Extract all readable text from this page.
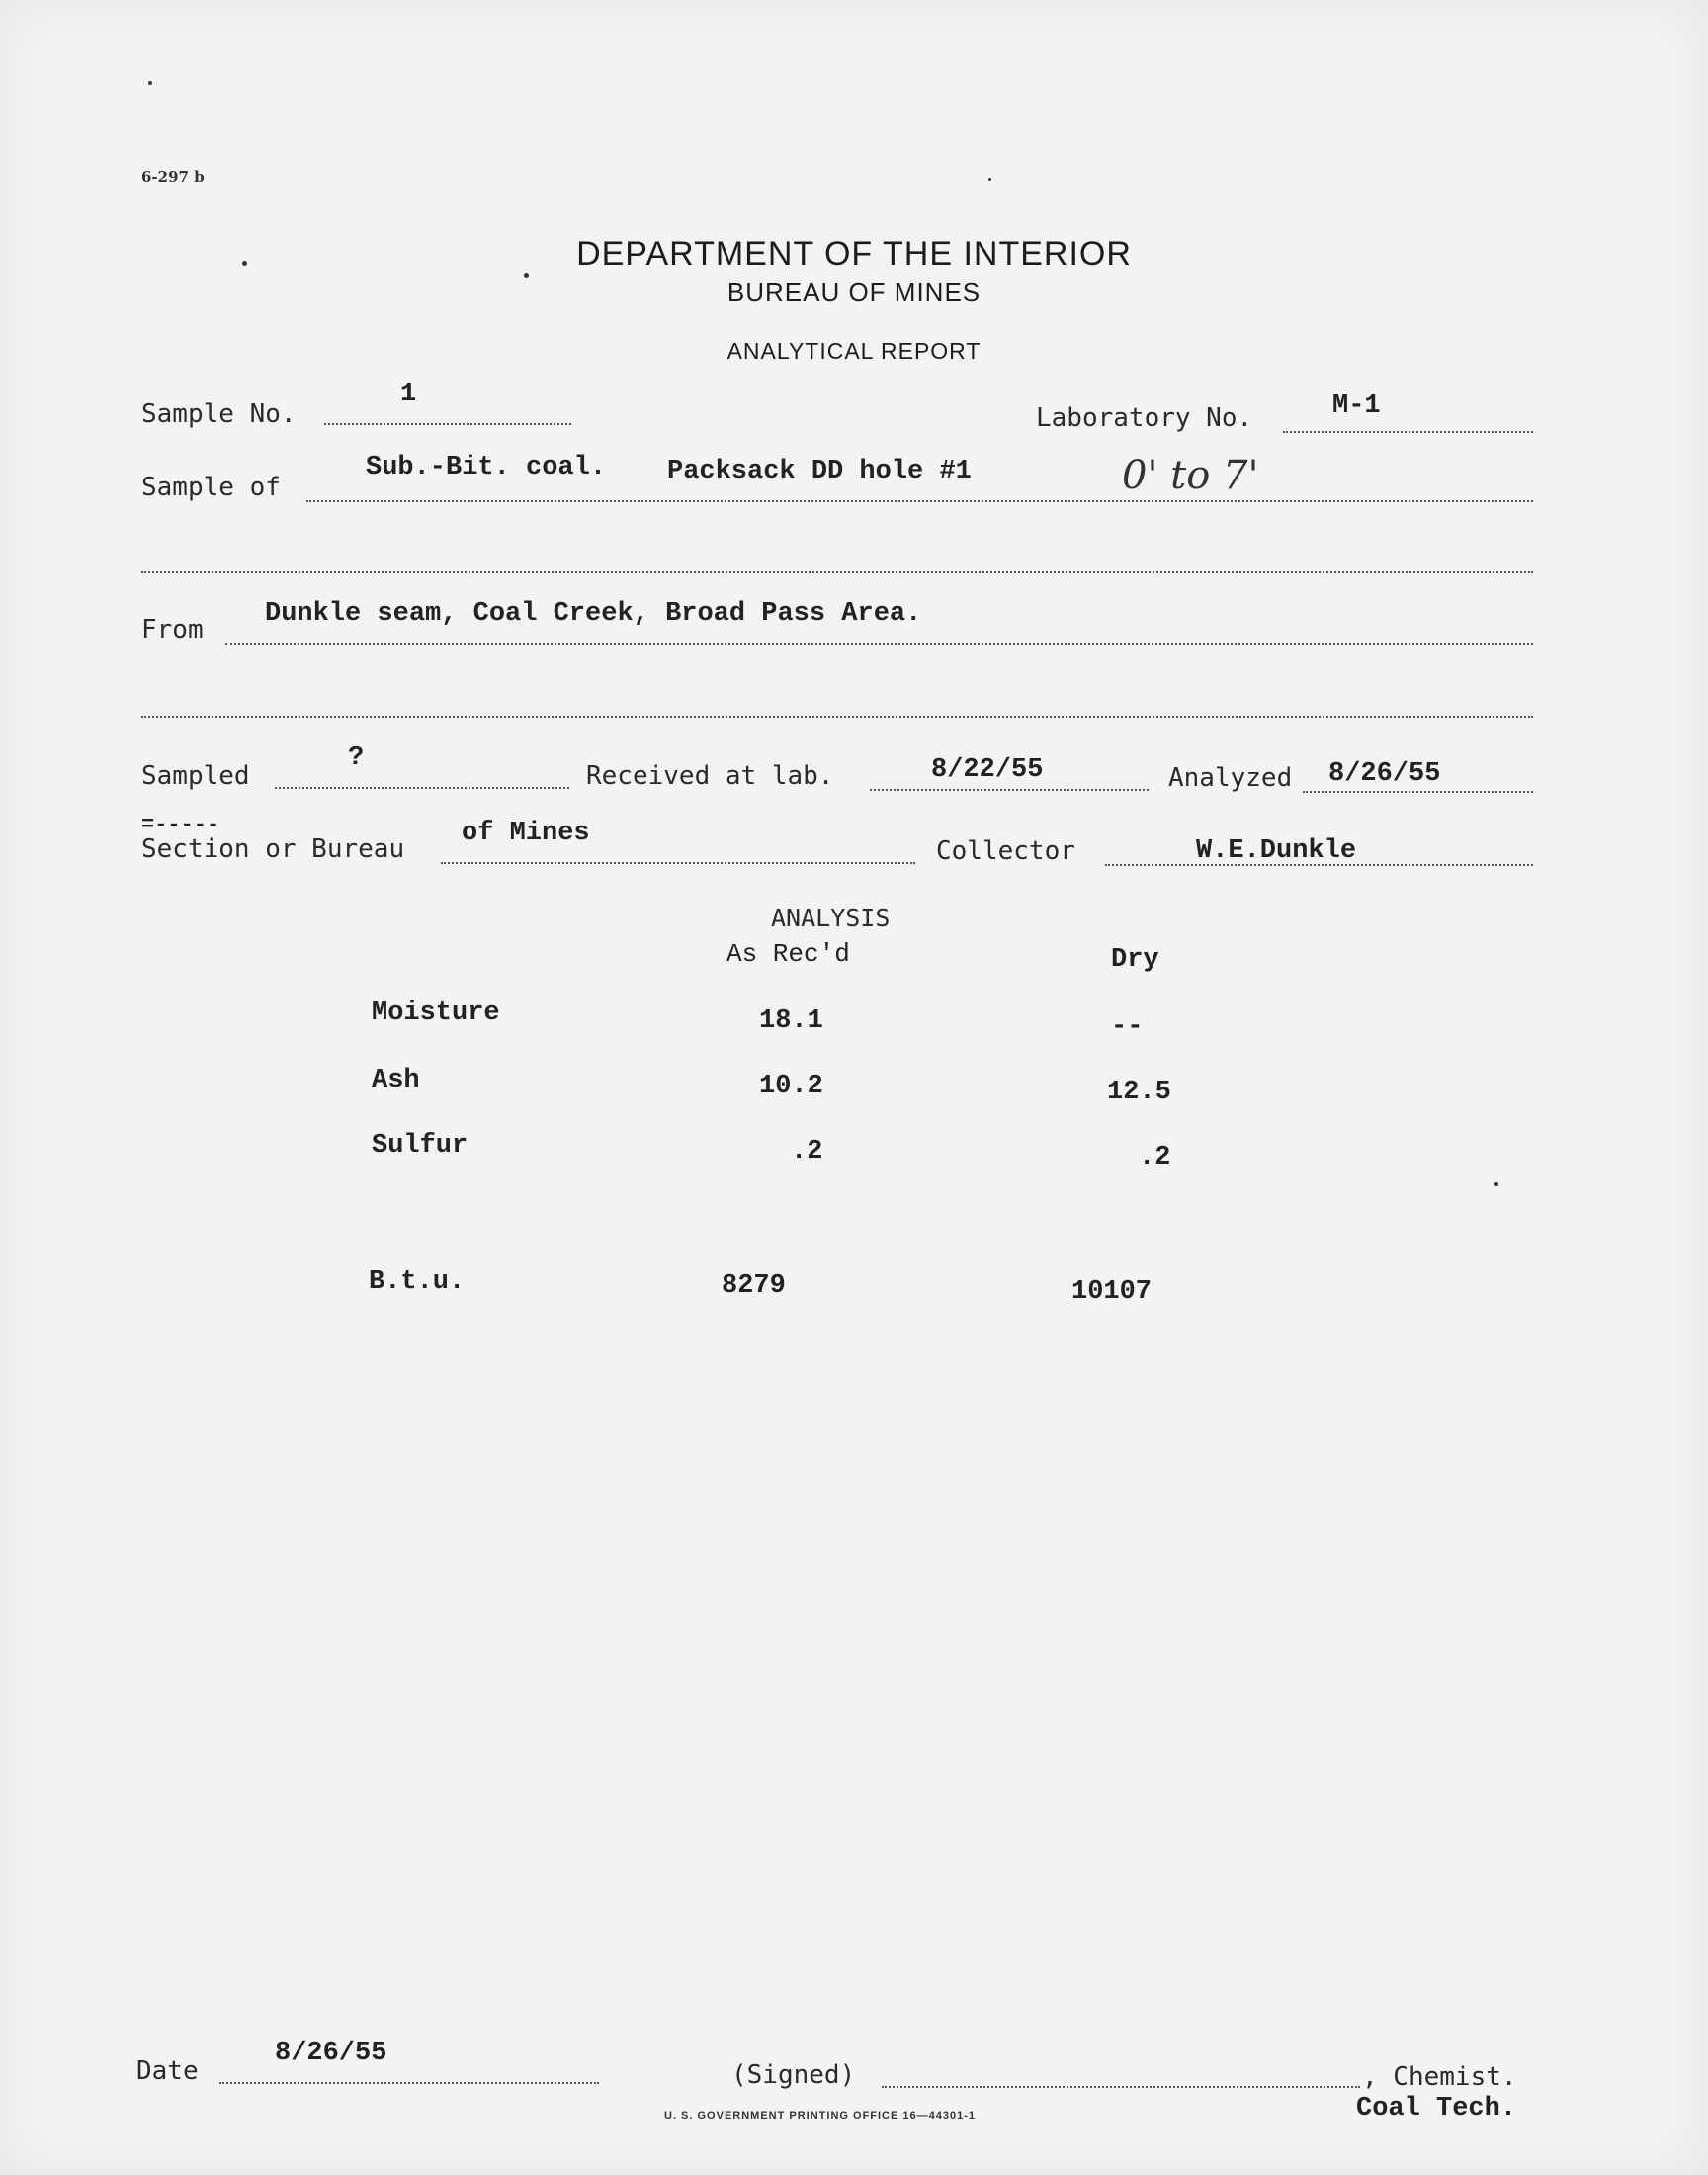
6-297 b
DEPARTMENT OF THE INTERIOR
BUREAU OF MINES
ANALYTICAL REPORT
Sample No.
1
Laboratory No.	M-1
Sample of
Sub.-Bit. coal. Packsack DD hole #1	0' to 7'
From
Dunkle seam, Coal Creek, Broad Pass Area.
Sampled
?
Received at lab.	8/22/55	Analyzed 8/26/55
=-----
Section or Bureau
of Mines
Collector	W.E.Dunkle
ANALYSIS
As Rec'd	Dry
Moisture	18.1	--
Ash	10.2	12.5
Sulfur	.2	.2
B.t.u.	8279	10107
Date
8/26/55
(Signed)	, Chemist.
Coal Tech.
U. S. GOVERNMENT PRINTING OFFICE 16—44301-1
